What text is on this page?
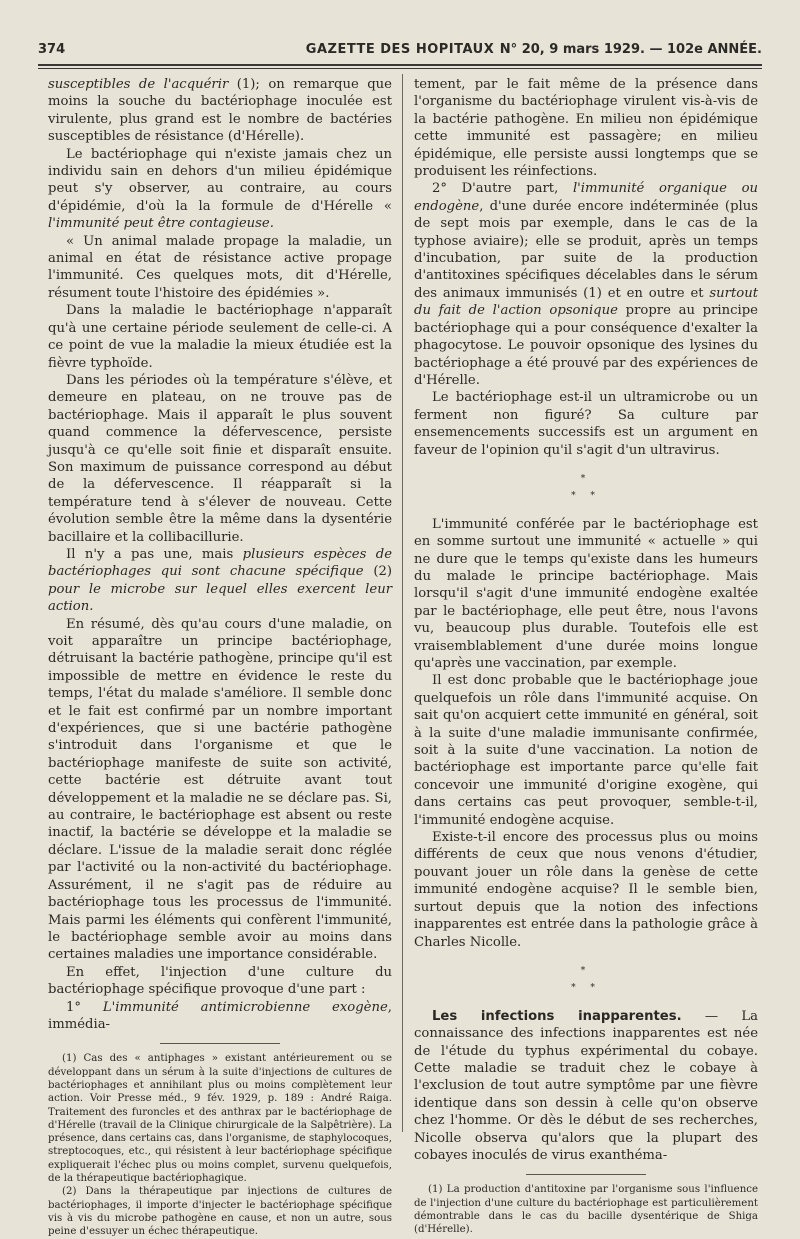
374	GAZETTE DES HOPITAUX N° 20, 9 mars 1929. — 102e ANNÉE.

susceptibles de l'acquérir (1); on remarque que moins la souche du bactériophage inoculée est virulente, plus grand est le nombre de bactéries susceptibles de résistance (d'Hérelle).

Le bactériophage qui n'existe jamais chez un individu sain en dehors d'un milieu épidémique peut s'y observer, au contraire, au cours d'épidémie, d'où la la formule de d'Hérelle « l'immunité peut être contagieuse.

« Un animal malade propage la maladie, un animal en état de résistance active propage l'immunité. Ces quelques mots, dit d'Hérelle, résument toute l'histoire des épidémies ».

Dans la maladie le bactériophage n'apparaît qu'à une certaine période seulement de celle-ci. A ce point de vue la maladie la mieux étudiée est la fièvre typhoïde.

Dans les périodes où la température s'élève, et demeure en plateau, on ne trouve pas de bactériophage. Mais il apparaît le plus souvent quand commence la défervescence, persiste jusqu'à ce qu'elle soit finie et disparaît ensuite. Son maximum de puissance correspond au début de la défervescence. Il réapparaît si la température tend à s'élever de nouveau. Cette évolution semble être la même dans la dysentérie bacillaire et la collibacillurie.

Il n'y a pas une, mais plusieurs espèces de bactériophages qui sont chacune spécifique (2) pour le microbe sur lequel elles exercent leur action.

En résumé, dès qu'au cours d'une maladie, on voit apparaître un principe bactériophage, détruisant la bactérie pathogène, principe qu'il est impossible de mettre en évidence le reste du temps, l'état du malade s'améliore. Il semble donc et le fait est confirmé par un nombre important d'expériences, que si une bactérie pathogène s'introduit dans l'organisme et que le bactériophage manifeste de suite son activité, cette bactérie est détruite avant tout développement et la maladie ne se déclare pas. Si, au contraire, le bactériophage est absent ou reste inactif, la bactérie se développe et la maladie se déclare. L'issue de la maladie serait donc réglée par l'activité ou la non-activité du bactériophage. Assurément, il ne s'agit pas de réduire au bactériophage tous les processus de l'immunité. Mais parmi les éléments qui confèrent l'immunité, le bactériophage semble avoir au moins dans certaines maladies une importance considérable.

En effet, l'injection d'une culture du bactériophage spécifique provoque d'une part :

1° L'immunité antimicrobienne exogène, immédia-

(1) Cas des « antiphages » existant antérieurement ou se développant dans un sérum à la suite d'injections de cultures de bactériophages et annihilant plus ou moins complètement leur action. Voir Presse méd., 9 fév. 1929, p. 189 : André Raiga. Traitement des furoncles et des anthrax par le bactériophage de d'Hérelle (travail de la Clinique chirurgicale de la Salpêtrière). La présence, dans certains cas, dans l'organisme, de staphylocoques, streptocoques, etc., qui résistent à leur bactériophage spécifique expliquerait l'échec plus ou moins complet, survenu quelquefois, de la thérapeutique bactériophagique.

(2) Dans la thérapeutique par injections de cultures de bactériophages, il importe d'injecter le bactériophage spécifique vis à vis du microbe pathogène en cause, et non un autre, sous peine d'essuyer un échec thérapeutique.

tement, par le fait même de la présence dans l'organisme du bactériophage virulent vis-à-vis de la bactérie pathogène. En milieu non épidémique cette immunité est passagère; en milieu épidémique, elle persiste aussi longtemps que se produisent les réinfections.

2° D'autre part, l'immunité organique ou endogène, d'une durée encore indéterminée (plus de sept mois par exemple, dans le cas de la typhose aviaire); elle se produit, après un temps d'incubation, par suite de la production d'antitoxines spécifiques décelables dans le sérum des animaux immunisés (1) et en outre et surtout du fait de l'action opsonique propre au principe bactériophage qui a pour conséquence d'exalter la phagocytose. Le pouvoir opsonique des lysines du bactériophage a été prouvé par des expériences de d'Hérelle.

Le bactériophage est-il un ultramicrobe ou un ferment non figuré? Sa culture par ensemencements successifs est un argument en faveur de l'opinion qu'il s'agit d'un ultravirus.

*
* *

L'immunité conférée par le bactériophage est en somme surtout une immunité « actuelle » qui ne dure que le temps qu'existe dans les humeurs du malade le principe bactériophage. Mais lorsqu'il s'agit d'une immunité endogène exaltée par le bactériophage, elle peut être, nous l'avons vu, beaucoup plus durable. Toutefois elle est vraisemblablement d'une durée moins longue qu'après une vaccination, par exemple.

Il est donc probable que le bactériophage joue quelquefois un rôle dans l'immunité acquise. On sait qu'on acquiert cette immunité en général, soit à la suite d'une maladie immunisante confirmée, soit à la suite d'une vaccination. La notion de bactériophage est importante parce qu'elle fait concevoir une immunité d'origine exogène, qui dans certains cas peut provoquer, semble-t-il, l'immunité endogène acquise.

Existe-t-il encore des processus plus ou moins différents de ceux que nous venons d'étudier, pouvant jouer un rôle dans la genèse de cette immunité endogène acquise? Il le semble bien, surtout depuis que la notion des infections inapparentes est entrée dans la pathologie grâce à Charles Nicolle.

*
* *

Les infections inapparentes. — La connaissance des infections inapparentes est née de l'étude du typhus expérimental du cobaye. Cette maladie se traduit chez le cobaye à l'exclusion de tout autre symptôme par une fièvre identique dans son dessin à celle qu'on observe chez l'homme. Or dès le début de ses recherches, Nicolle observa qu'alors que la plupart des cobayes inoculés de virus exanthéma-

(1) La production d'antitoxine par l'organisme sous l'influence de l'injection d'une culture du bactériophage est particulièrement démontrable dans le cas du bacille dysentérique de Shiga (d'Hérelle).
